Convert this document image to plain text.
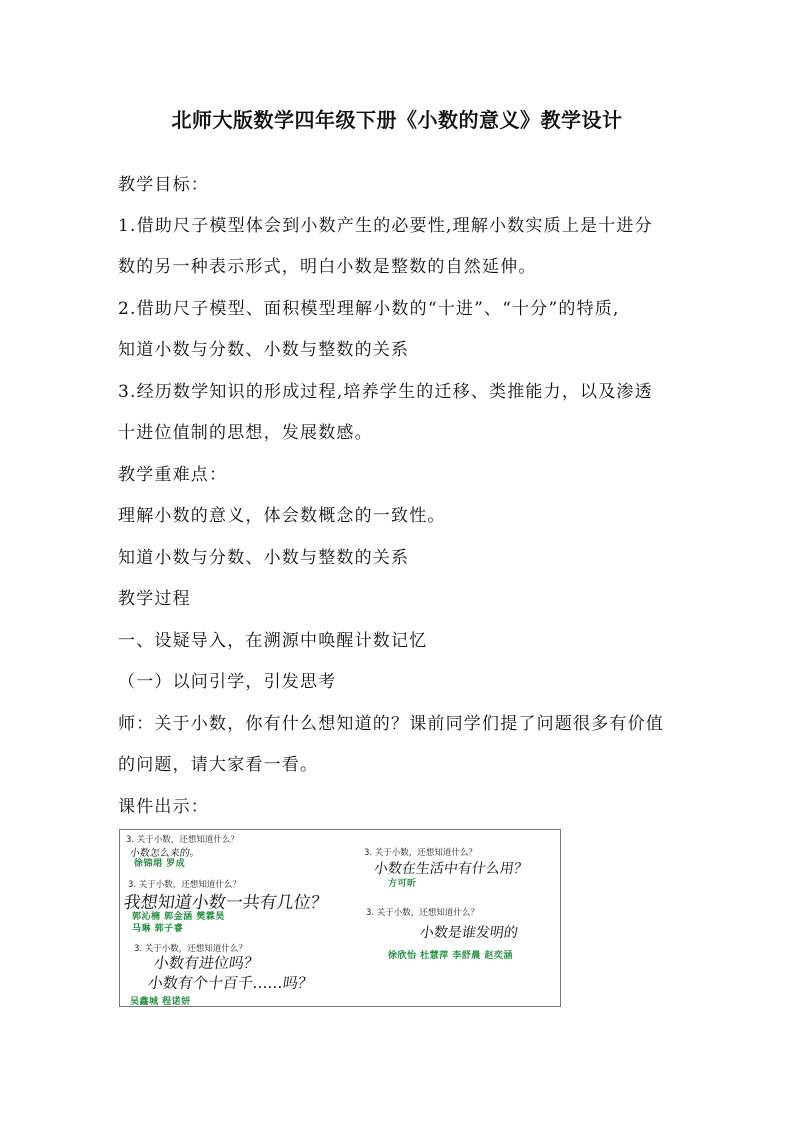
北师大版数学四年级下册《小数的意义》教学设计
教学目标：
1.借助尺子模型体会到小数产生的必要性,理解小数实质上是十进分
数的另一种表示形式，明白小数是整数的自然延伸。
2.借助尺子模型、面积模型理解小数的“十进”、“十分”的特质,
知道小数与分数、小数与整数的关系
3.经历数学知识的形成过程,培养学生的迁移、类推能力，以及渗透
十进位值制的思想，发展数感。
教学重难点：
理解小数的意义，体会数概念的一致性。
知道小数与分数、小数与整数的关系
教学过程
一、设疑导入，在溯源中唤醒计数记忆
（一）以问引学，引发思考
师：关于小数，你有什么想知道的？课前同学们提了问题很多有价值
的问题，请大家看一看。
课件出示：
3. 关于小数，还想知道什么？
小数怎么来的。
徐锦珺 罗成
3. 关于小数，还想知道什么？
我想知道小数一共有几位？
郭沁楠 郭金涵 樊霖昊
马琳 郭子睿
3. 关于小数，还想知道什么？
小数有进位吗？
小数有个十百千……吗？
吴鑫城 程诺妍
3. 关于小数，还想知道什么？
小数在生活中有什么用？
方可昕
3. 关于小数，还想知道什么？
小数是谁发明的
徐欣怡 杜慧萍 李舒晨 赵奕涵
